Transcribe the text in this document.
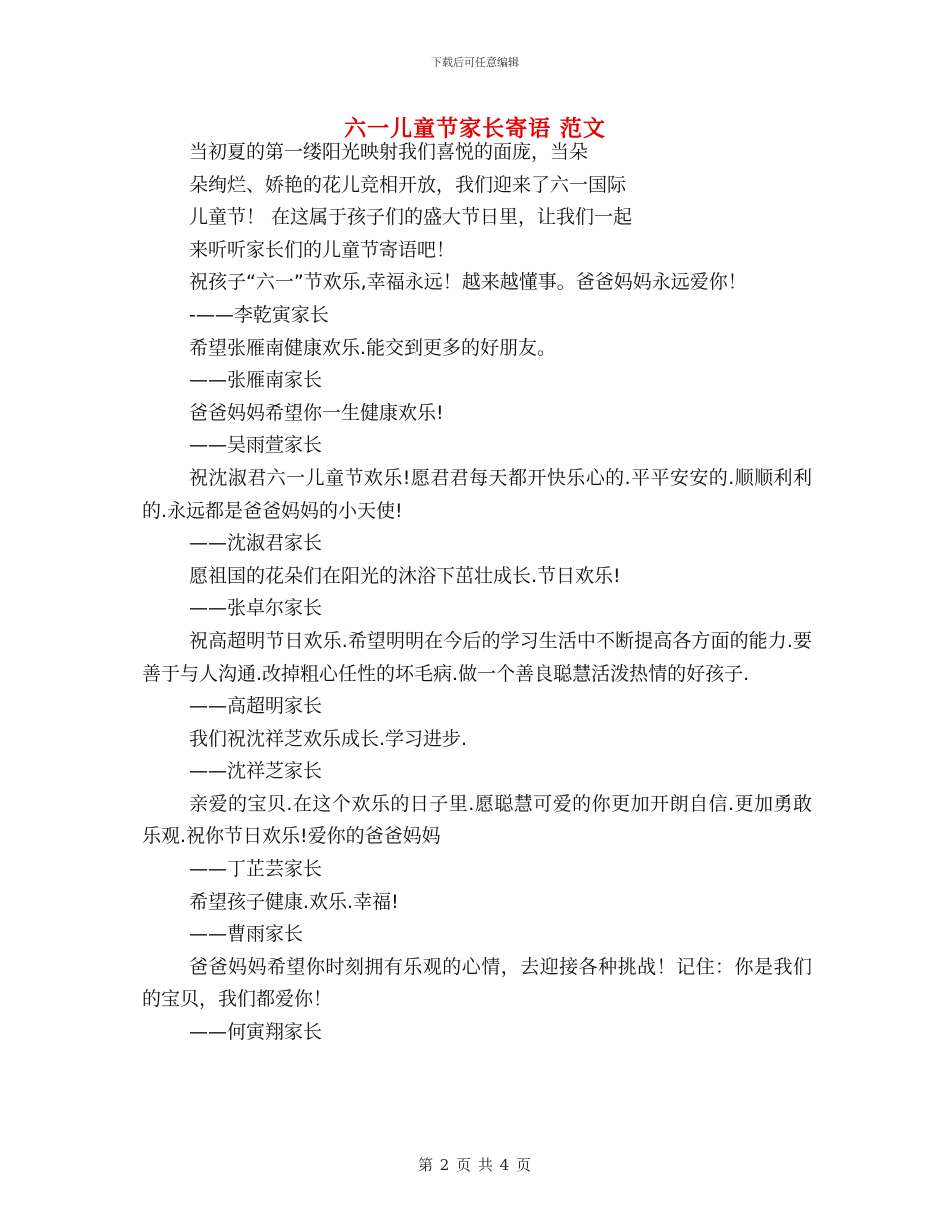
下载后可任意编辑
六一儿童节家长寄语 范文

当初夏的第一缕阳光映射我们喜悦的面庞，当朵

朵绚烂、娇艳的花儿竞相开放，我们迎来了六一国际

儿童节！ 在这属于孩子们的盛大节日里，让我们一起

来听听家长们的儿童节寄语吧！

祝孩子“六一”节欢乐,幸福永远！越来越懂事。爸爸妈妈永远爱你！

-——李乾寅家长

希望张雁南健康欢乐.能交到更多的好朋友。

——张雁南家长

爸爸妈妈希望你一生健康欢乐!

——吴雨萱家长

祝沈淑君六一儿童节欢乐!愿君君每天都开快乐心的.平平安安的.顺顺利利的.永远都是爸爸妈妈的小天使!

——沈淑君家长

愿祖国的花朵们在阳光的沐浴下茁壮成长.节日欢乐!

——张卓尔家长

祝高超明节日欢乐.希望明明在今后的学习生活中不断提高各方面的能力.要善于与人沟通.改掉粗心任性的坏毛病.做一个善良聪慧活泼热情的好孩子.

——高超明家长

我们祝沈祥芝欢乐成长.学习进步.

——沈祥芝家长

亲爱的宝贝.在这个欢乐的日子里.愿聪慧可爱的你更加开朗自信.更加勇敢乐观.祝你节日欢乐!爱你的爸爸妈妈

——丁芷芸家长

希望孩子健康.欢乐.幸福!

——曹雨家长

爸爸妈妈希望你时刻拥有乐观的心情，去迎接各种挑战！记住：你是我们的宝贝，我们都爱你！

——何寅翔家长

第 2 页 共 4 页
